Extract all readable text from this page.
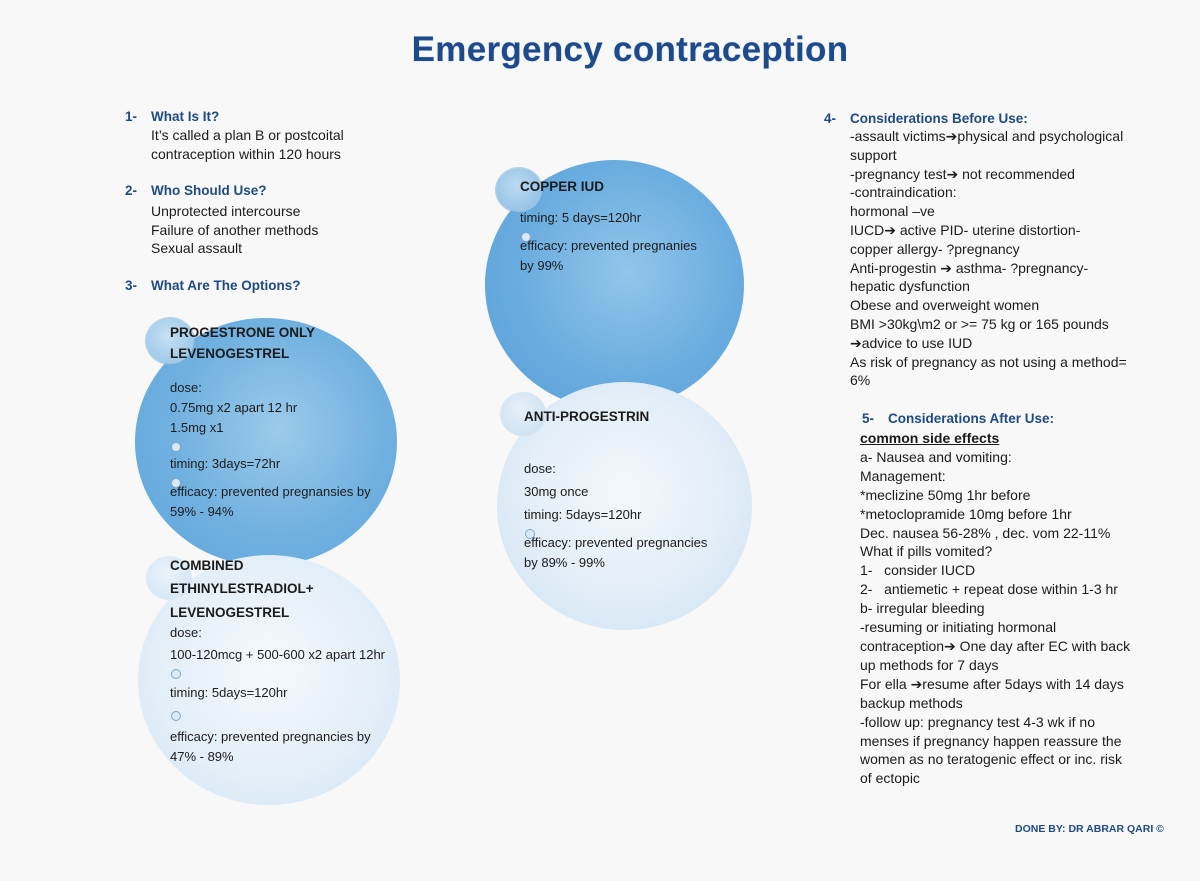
Emergency contraception
1- What Is It?
It’s called a plan B or postcoital
contraception within 120 hours
2- Who Should Use?
Unprotected intercourse
Failure of another methods
Sexual assault
3- What Are The Options?
PROGESTRONE ONLY
LEVENOGESTREL
dose:
0.75mg x2 apart 12 hr
1.5mg x1
timing: 3days=72hr
efficacy: prevented pregnansies by
59% - 94%
COMBINED
ETHINYLESTRADIOL+
LEVENOGESTREL
dose:
100-120mcg + 500-600 x2 apart 12hr
timing: 5days=120hr
efficacy: prevented pregnancies by
47% - 89%
COPPER IUD
timing: 5 days=120hr
efficacy: prevented pregnanies
by 99%
ANTI-PROGESTRIN
dose:
30mg once
timing: 5days=120hr
efficacy: prevented pregnancies
by 89% - 99%
4- Considerations Before Use:
-assault victims➔physical and psychological
support
-pregnancy test➔ not recommended
-contraindication:
hormonal –ve
IUCD➔ active PID- uterine distortion-
copper allergy- ?pregnancy
Anti-progestin ➔ asthma- ?pregnancy-
hepatic dysfunction
Obese and overweight women
BMI >30kg\m2 or >= 75 kg or 165 pounds
➔advice to use IUD
As risk of pregnancy as not using a method=
6%
5- Considerations After Use:
common side effects
a- Nausea and vomiting:
Management:
*meclizine 50mg 1hr before
*metoclopramide 10mg before 1hr
Dec. nausea 56-28% , dec. vom 22-11%
What if pills vomited?
1-   consider IUCD
2-   antiemetic + repeat dose within 1-3 hr
b- irregular bleeding
-resuming or initiating hormonal
contraception➔ One day after EC with back
up methods for 7 days
For ella ➔resume after 5days with 14 days
backup methods
-follow up: pregnancy test 4-3 wk if no
menses if pregnancy happen reassure the
women as no teratogenic effect or inc. risk
of ectopic
DONE BY: DR ABRAR QARI ©
